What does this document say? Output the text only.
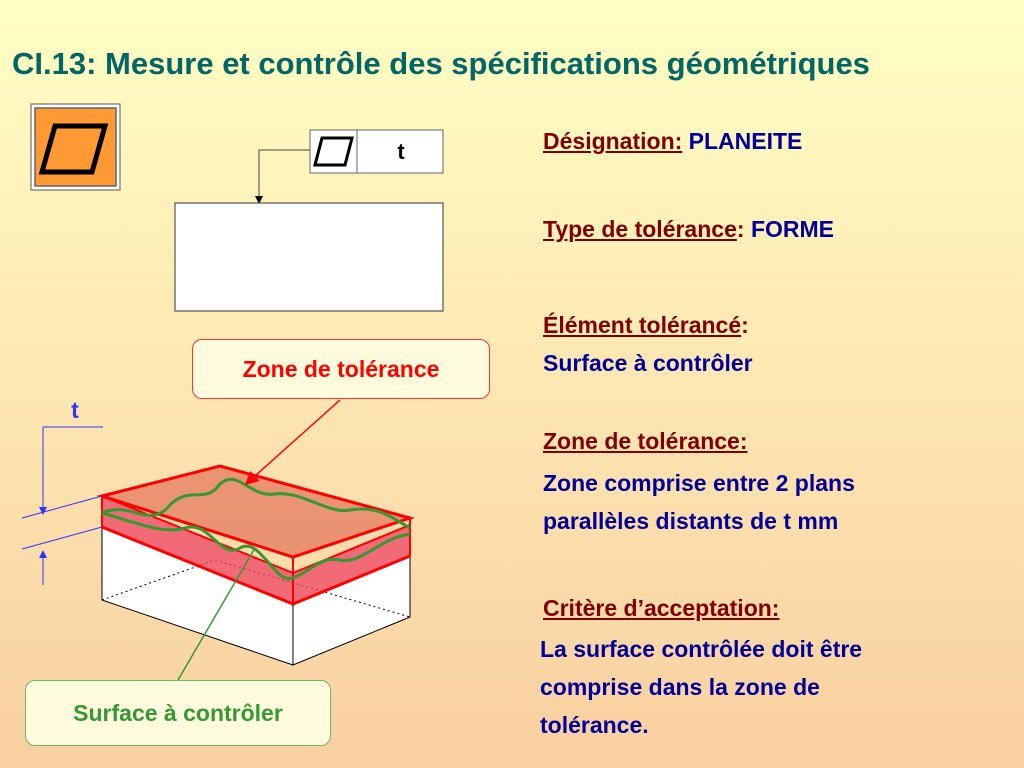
CI.13: Mesure et contrôle des spécifications géométriques
t
t
Zone de tolérance
Surface à contrôler
Désignation: PLANEITE
Type de tolérance: FORME
Élément tolérancé:
Surface à contrôler
Zone de tolérance:
Zone comprise entre 2 plans
parallèles distants de t mm
Critère d’acceptation:
La surface contrôlée doit être
comprise dans la zone de
tolérance.
